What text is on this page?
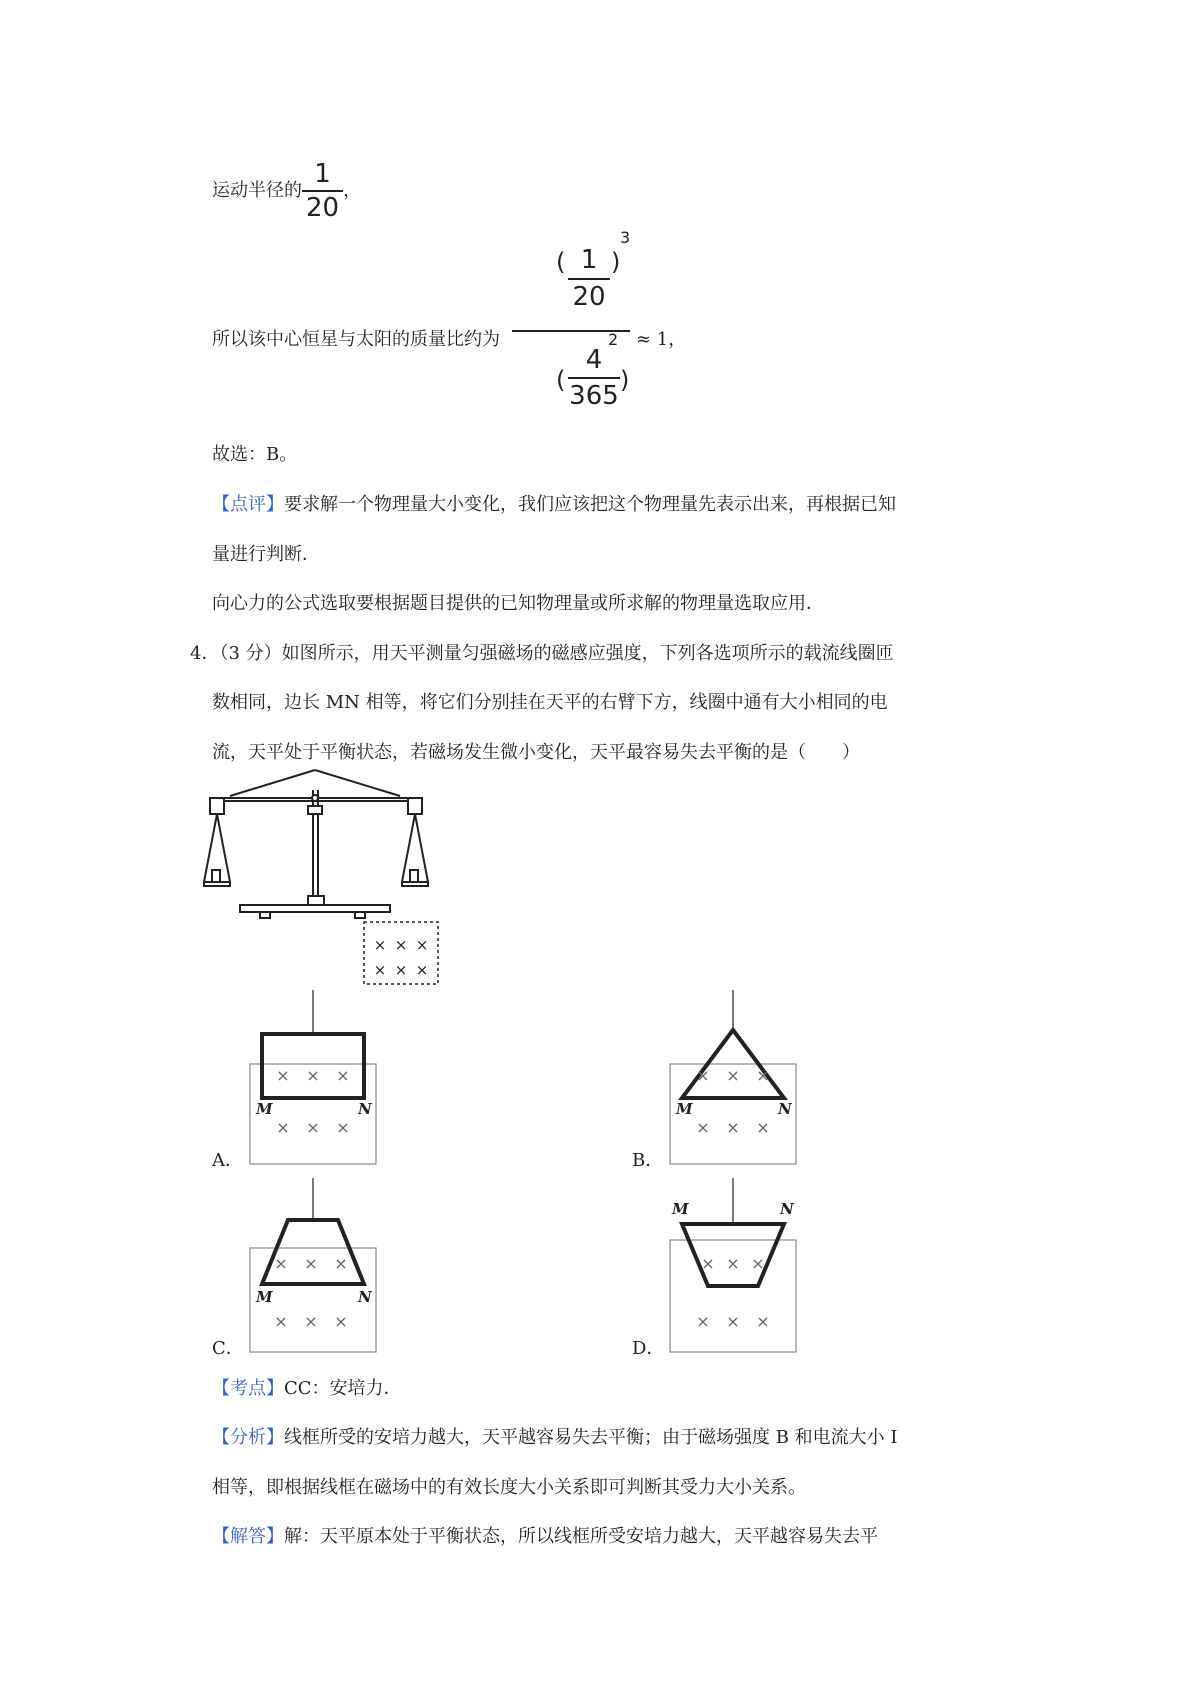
运动半径的 $\frac{1}{20}$ ，
所以该中心恒星与太阳的质量比约为
( 1
20
)
3
2
(
4
365
)
≈ 1，
故选：B。
【点评】要求解一个物理量大小变化，我们应该把这个物理量先表示出来，再根据已知
量进行判断．
向心力的公式选取要根据题目提供的已知物理量或所求解的物理量选取应用．
4．（3 分）如图所示，用天平测量匀强磁场的磁感应强度，下列各选项所示的载流线圈匝
数相同，边长 MN 相等，将它们分别挂在天平的右臂下方，线圈中通有大小相同的电
流，天平处于平衡状态，若磁场发生微小变化，天平最容易失去平衡的是（　　）
× × ×
× × ×
× × ×
× × ×
M	N
A．
× × ×
× × ×
M	N
B．
× × ×
× × ×
M	N
C．
× × ×
× × ×
M	N
D．
【考点】CC：安培力．
【分析】线框所受的安培力越大，天平越容易失去平衡；由于磁场强度 B 和电流大小 I
相等，即根据线框在磁场中的有效长度大小关系即可判断其受力大小关系。
【解答】解：天平原本处于平衡状态，所以线框所受安培力越大，天平越容易失去平
